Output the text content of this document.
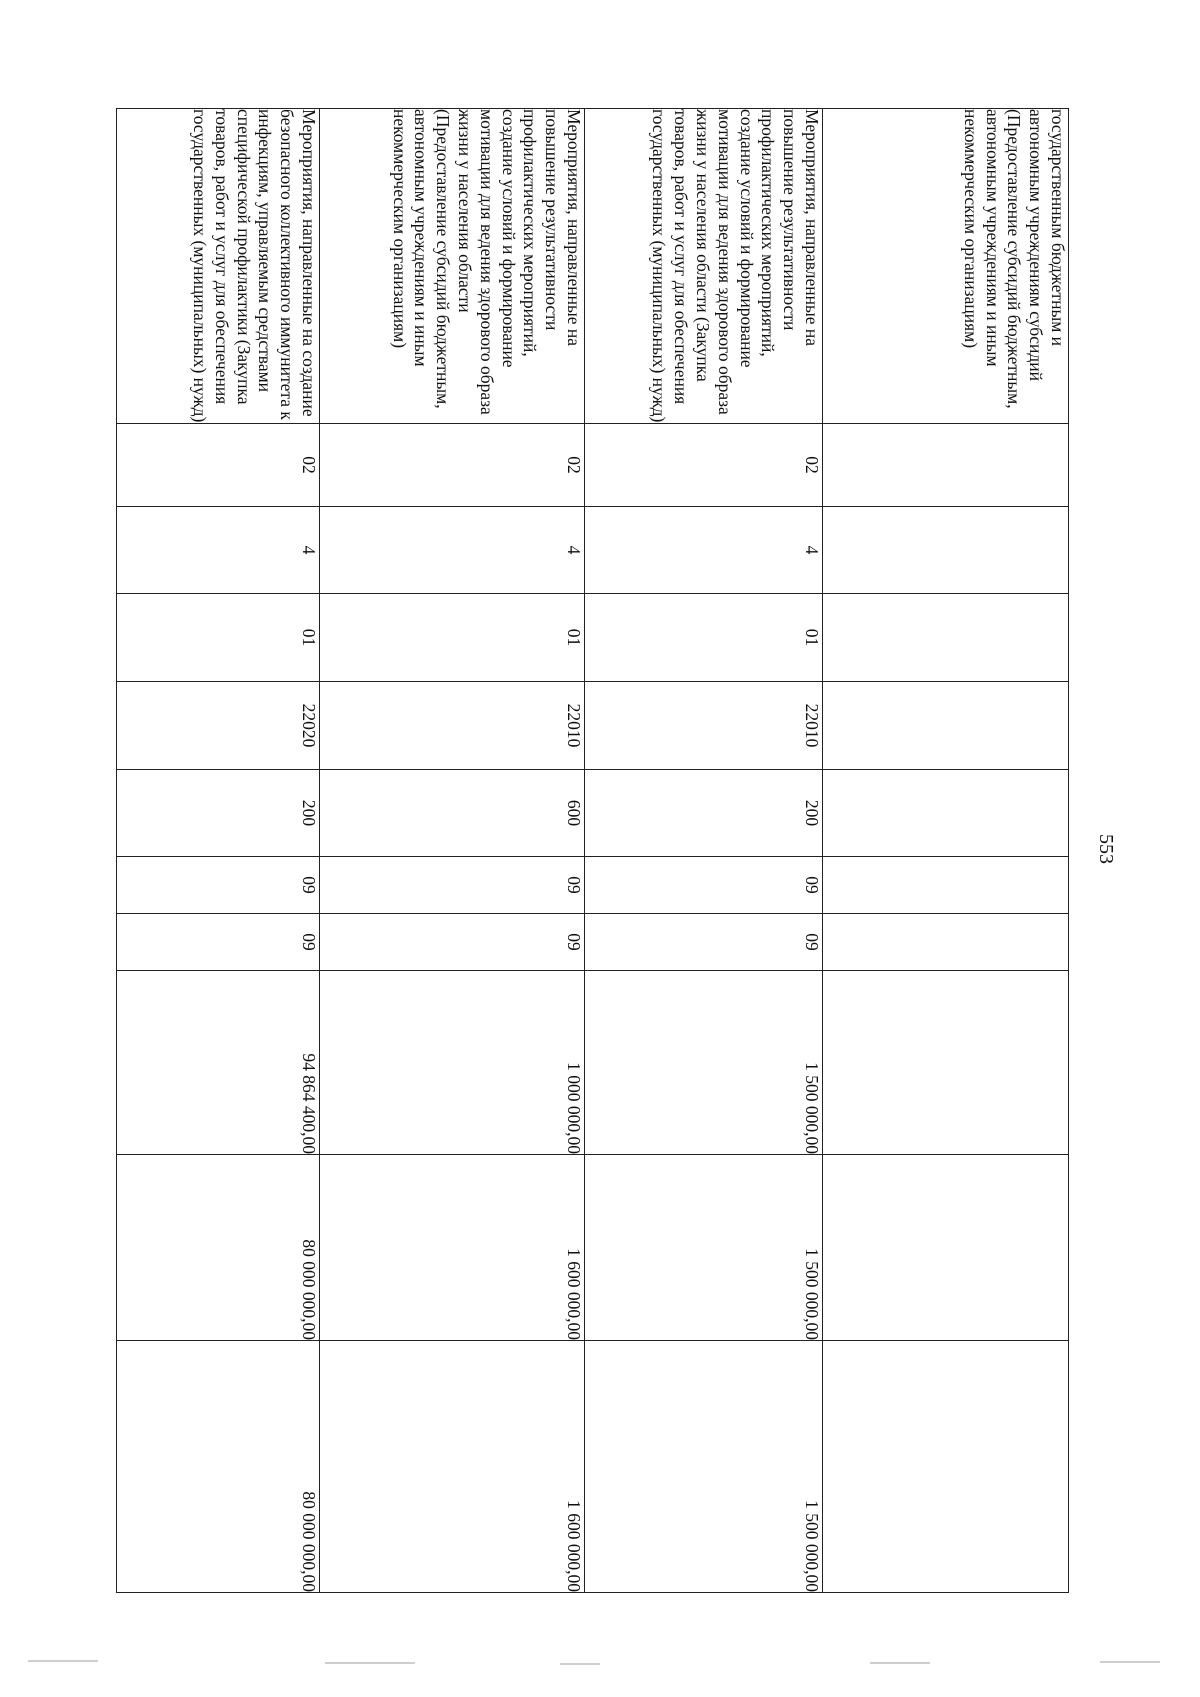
553
государственным бюджетным и автономным учреждениям субсидий (Предоставление субсидий бюджетным, автономным учреждениям и иным некоммерческим организациям)										
Мероприятия, направленные на повышение результативности профилактических мероприятий, создание условий и формирование мотивации для ведения здорового образа жизни у населения области (Закупка товаров, работ и услуг для обеспечения государственных (муниципальных) нужд)	02	4	01	22010	200	09	09	1 500 000,00	1 500 000,00	1 500 000,00
Мероприятия, направленные на повышение результативности профилактических мероприятий, создание условий и формирование мотивации для ведения здорового образа жизни у населения области (Предоставление субсидий бюджетным, автономным учреждениям и иным некоммерческим организациям)	02	4	01	22010	600	09	09	1 000 000,00	1 600 000,00	1 600 000,00
Мероприятия, направленные на создание безопасного коллективного иммунитета к инфекциям, управляемым средствами специфической профилактики (Закупка товаров, работ и услуг для обеспечения государственных (муниципальных) нужд)	02	4	01	22020	200	09	09	94 864 400,00	80 000 000,00	80 000 000,00
